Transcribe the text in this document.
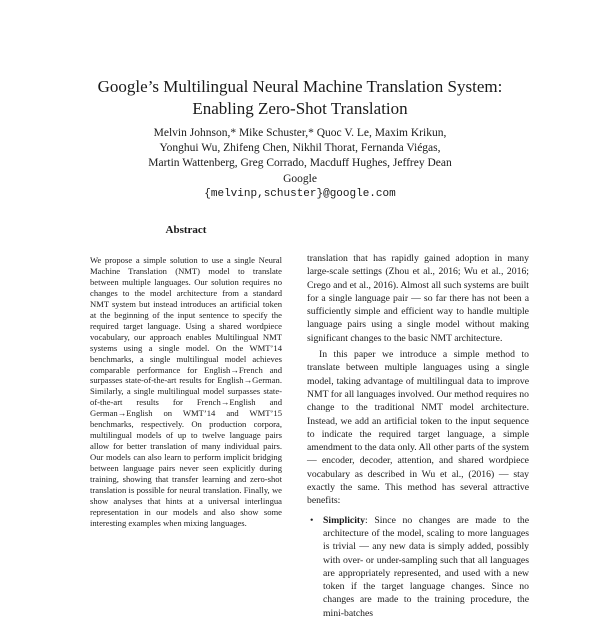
Google’s Multilingual Neural Machine Translation System:
Enabling Zero-Shot Translation
Melvin Johnson,* Mike Schuster,* Quoc V. Le, Maxim Krikun,
Yonghui Wu, Zhifeng Chen, Nikhil Thorat, Fernanda Viégas,
Martin Wattenberg, Greg Corrado, Macduff Hughes, Jeffrey Dean
Google
{melvinp,schuster}@google.com
Abstract

We propose a simple solution to use a single Neural Machine Translation (NMT) model to translate between multiple languages. Our solution requires no changes to the model architecture from a standard NMT system but instead introduces an artificial token at the beginning of the input sentence to specify the required target language. Using a shared wordpiece vocabulary, our approach enables Multilingual NMT systems using a single model. On the WMT’14 benchmarks, a single multilingual model achieves comparable performance for English→French and surpasses state-of-the-art results for English→German. Similarly, a single multilingual model surpasses state-of-the-art results for French→English and German→English on WMT’14 and WMT’15 benchmarks, respectively. On production corpora, multilingual models of up to twelve language pairs allow for better translation of many individual pairs. Our models can also learn to perform implicit bridging between language pairs never seen explicitly during training, showing that transfer learning and zero-shot translation is possible for neural translation. Finally, we show analyses that hints at a universal interlingua representation in our models and also show some interesting examples when mixing languages.

translation that has rapidly gained adoption in many large-scale settings (Zhou et al., 2016; Wu et al., 2016; Crego and et al., 2016). Almost all such systems are built for a single language pair — so far there has not been a sufficiently simple and efficient way to handle multiple language pairs using a single model without making significant changes to the basic NMT architecture.

In this paper we introduce a simple method to translate between multiple languages using a single model, taking advantage of multilingual data to improve NMT for all languages involved. Our method requires no change to the traditional NMT model architecture. Instead, we add an artificial token to the input sequence to indicate the required target language, a simple amendment to the data only. All other parts of the system — encoder, decoder, attention, and shared wordpiece vocabulary as described in Wu et al., (2016) — stay exactly the same. This method has several attractive benefits:

• Simplicity: Since no changes are made to the architecture of the model, scaling to more languages is trivial — any new data is simply added, possibly with over- or under-sampling such that all languages are appropriately represented, and used with a new token if the target language changes. Since no changes are made to the training procedure, the mini-batches
